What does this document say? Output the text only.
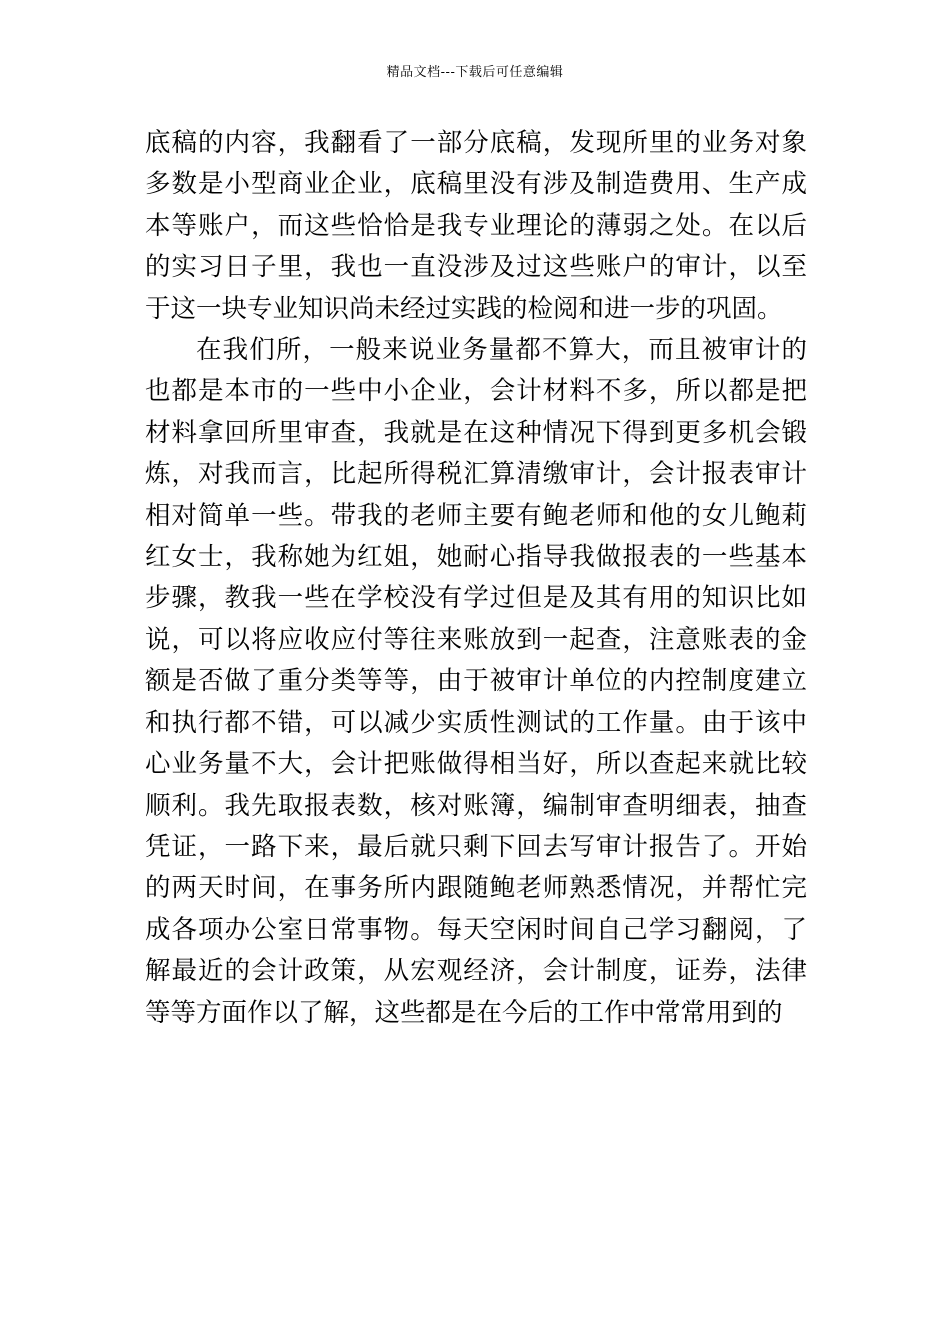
精品文档---下载后可任意编辑

底稿的内容，我翻看了一部分底稿，发现所里的业务对象多数是小型商业企业，底稿里没有涉及制造费用、生产成本等账户，而这些恰恰是我专业理论的薄弱之处。在以后的实习日子里，我也一直没涉及过这些账户的审计，以至于这一块专业知识尚未经过实践的检阅和进一步的巩固。

在我们所，一般来说业务量都不算大，而且被审计的也都是本市的一些中小企业，会计材料不多，所以都是把材料拿回所里审查，我就是在这种情况下得到更多机会锻炼，对我而言，比起所得税汇算清缴审计，会计报表审计相对简单一些。带我的老师主要有鲍老师和他的女儿鲍莉红女士，我称她为红姐，她耐心指导我做报表的一些基本步骤，教我一些在学校没有学过但是及其有用的知识比如说，可以将应收应付等往来账放到一起查，注意账表的金额是否做了重分类等等，由于被审计单位的内控制度建立和执行都不错，可以减少实质性测试的工作量。由于该中心业务量不大，会计把账做得相当好，所以查起来就比较顺利。我先取报表数，核对账簿，编制审查明细表，抽查凭证，一路下来，最后就只剩下回去写审计报告了。开始的两天时间，在事务所内跟随鲍老师熟悉情况，并帮忙完成各项办公室日常事物。每天空闲时间自己学习翻阅，了解最近的会计政策，从宏观经济，会计制度，证券，法律等等方面作以了解，这些都是在今后的工作中常常用到的
